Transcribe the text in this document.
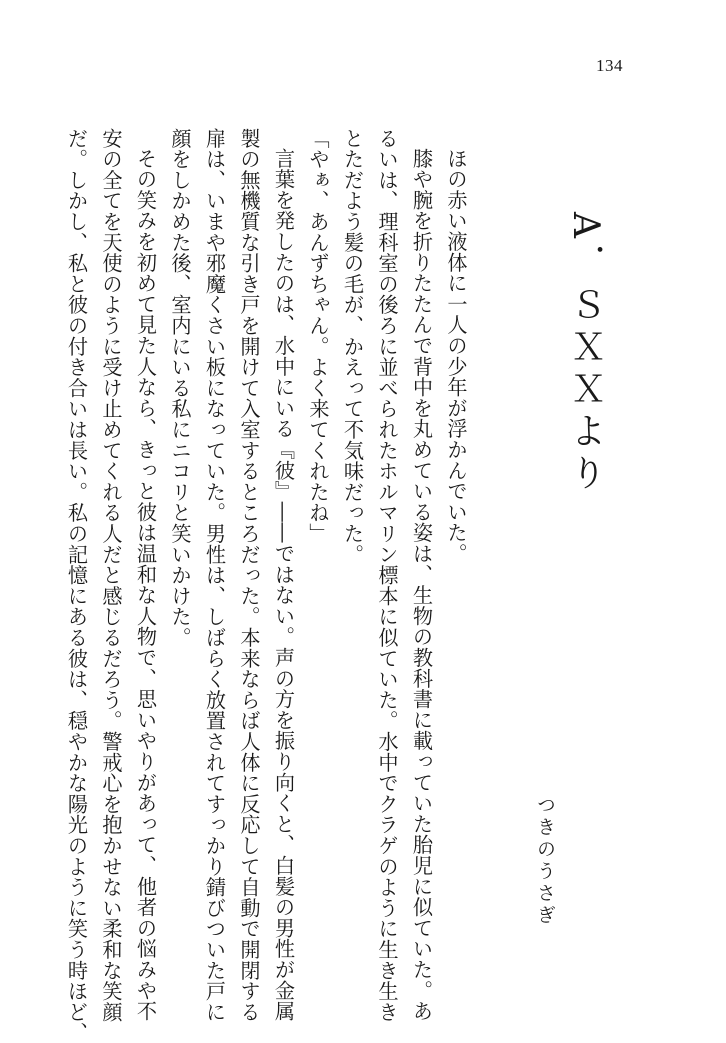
134
A．ＳＸＸより
つきのうさぎ

ほの赤い液体に一人の少年が浮かんでいた。

膝や腕を折りたたんで背中を丸めている姿は、生物の教科書に載っていた胎児に似ていた。あ

るいは、理科室の後ろに並べられたホルマリン標本に似ていた。水中でクラゲのように生き生き

とただよう髪の毛が、かえって不気味だった。

「やぁ、あんずちゃん。よく来てくれたね」

言葉を発したのは、水中にいる『彼』――ではない。声の方を振り向くと、白髪の男性が金属

製の無機質な引き戸を開けて入室するところだった。本来ならば人体に反応して自動で開閉する

扉は、いまや邪魔くさい板になっていた。男性は、しばらく放置されてすっかり錆びついた戸に

顔をしかめた後、室内にいる私にニコリと笑いかけた。

その笑みを初めて見た人なら、きっと彼は温和な人物で、思いやりがあって、他者の悩みや不

安の全てを天使のように受け止めてくれる人だと感じるだろう。警戒心を抱かせない柔和な笑顔

だ。しかし、私と彼の付き合いは長い。私の記憶にある彼は、穏やかな陽光のように笑う時ほど、
